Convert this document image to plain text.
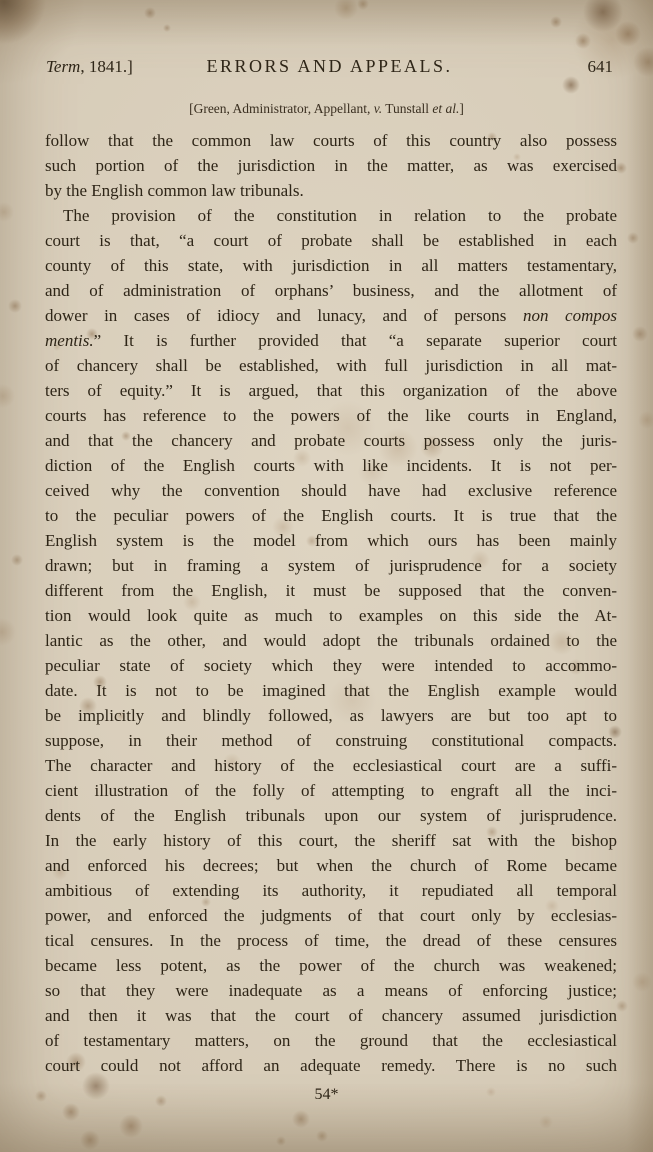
Term, 1841.]	ERRORS AND APPEALS.	641
[Green, Administrator, Appellant, v. Tunstall et al.]
follow that the common law courts of this country also possess
such portion of the jurisdiction in the matter, as was exercised
by the English common law tribunals.
The provision of the constitution in relation to the probate
court is that, “a court of probate shall be established in each
county of this state, with jurisdiction in all matters testamentary,
and of administration of orphans’ business, and the allotment of
dower in cases of idiocy and lunacy, and of persons non compos
mentis.” It is further provided that “a separate superior court
of chancery shall be established, with full jurisdiction in all mat-
ters of equity.” It is argued, that this organization of the above
courts has reference to the powers of the like courts in England,
and that the chancery and probate courts possess only the juris-
diction of the English courts with like incidents. It is not per-
ceived why the convention should have had exclusive reference
to the peculiar powers of the English courts. It is true that the
English system is the model from which ours has been mainly
drawn; but in framing a system of jurisprudence for a society
different from the English, it must be supposed that the conven-
tion would look quite as much to examples on this side the At-
lantic as the other, and would adopt the tribunals ordained to the
peculiar state of society which they were intended to accommo-
date. It is not to be imagined that the English example would
be implicitly and blindly followed, as lawyers are but too apt to
suppose, in their method of construing constitutional compacts.
The character and history of the ecclesiastical court are a suffi-
cient illustration of the folly of attempting to engraft all the inci-
dents of the English tribunals upon our system of jurisprudence.
In the early history of this court, the sheriff sat with the bishop
and enforced his decrees; but when the church of Rome became
ambitious of extending its authority, it repudiated all temporal
power, and enforced the judgments of that court only by ecclesias-
tical censures. In the process of time, the dread of these censures
became less potent, as the power of the church was weakened;
so that they were inadequate as a means of enforcing justice;
and then it was that the court of chancery assumed jurisdiction
of testamentary matters, on the ground that the ecclesiastical
court could not afford an adequate remedy. There is no such
54*
